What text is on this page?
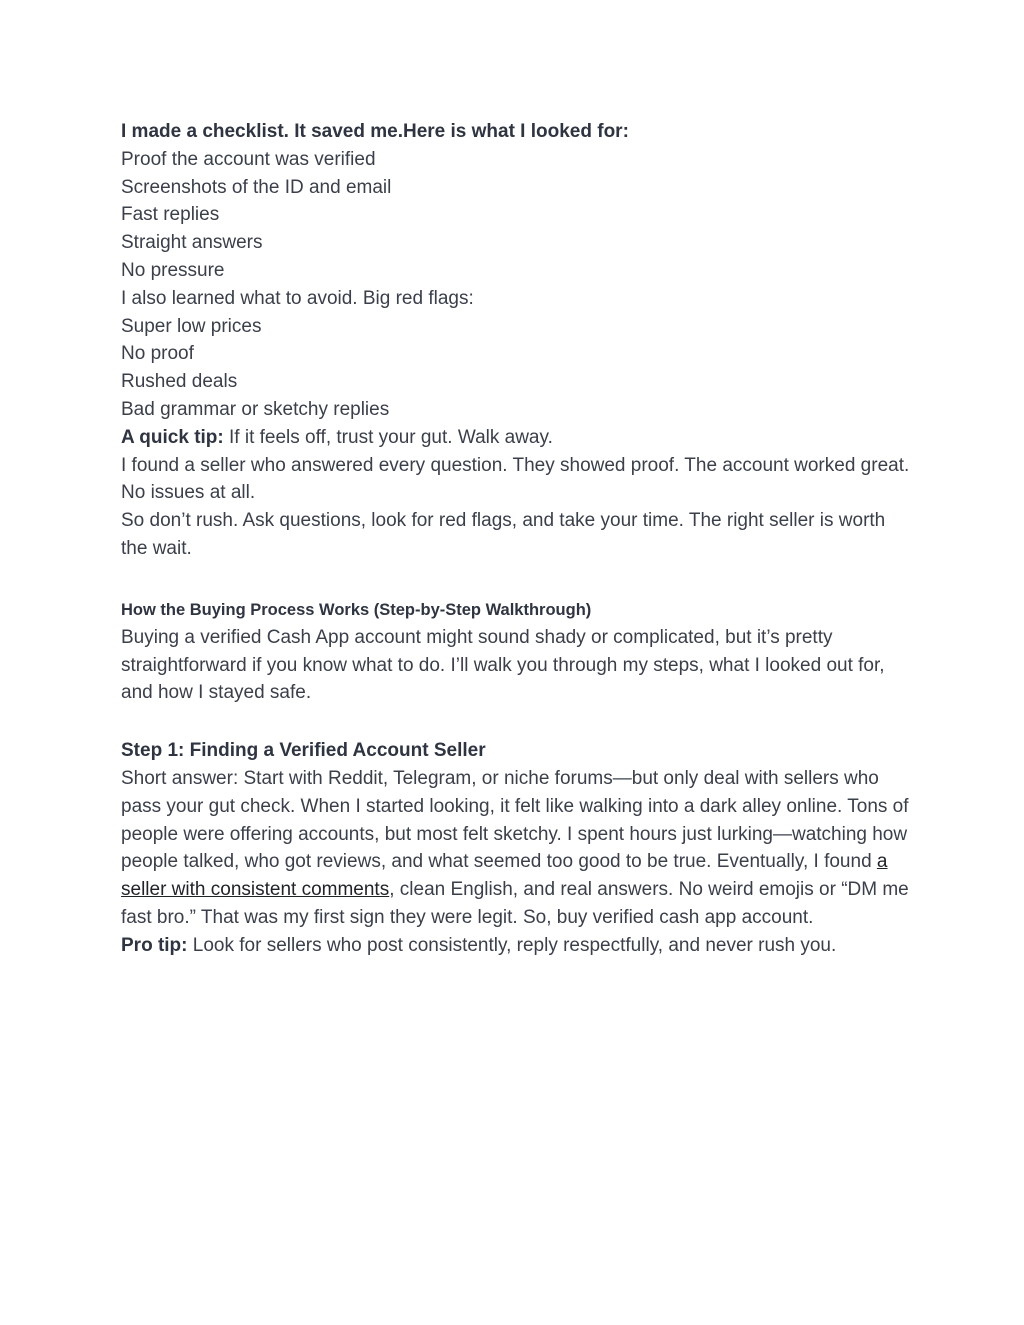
I made a checklist. It saved me.Here is what I looked for:
Proof the account was verified
Screenshots of the ID and email
Fast replies
Straight answers
No pressure
I also learned what to avoid. Big red flags:
Super low prices
No proof
Rushed deals
Bad grammar or sketchy replies
A quick tip: If it feels off, trust your gut. Walk away.
I found a seller who answered every question. They showed proof. The account worked great. No issues at all.
So don’t rush. Ask questions, look for red flags, and take your time. The right seller is worth the wait.
How the Buying Process Works (Step-by-Step Walkthrough)
Buying a verified Cash App account might sound shady or complicated, but it’s pretty straightforward if you know what to do. I’ll walk you through my steps, what I looked out for, and how I stayed safe.
Step 1: Finding a Verified Account Seller
Short answer: Start with Reddit, Telegram, or niche forums—but only deal with sellers who pass your gut check. When I started looking, it felt like walking into a dark alley online. Tons of people were offering accounts, but most felt sketchy. I spent hours just lurking—watching how people talked, who got reviews, and what seemed too good to be true. Eventually, I found a seller with consistent comments, clean English, and real answers. No weird emojis or “DM me fast bro.” That was my first sign they were legit. So, buy verified cash app account.
Pro tip: Look for sellers who post consistently, reply respectfully, and never rush you.
